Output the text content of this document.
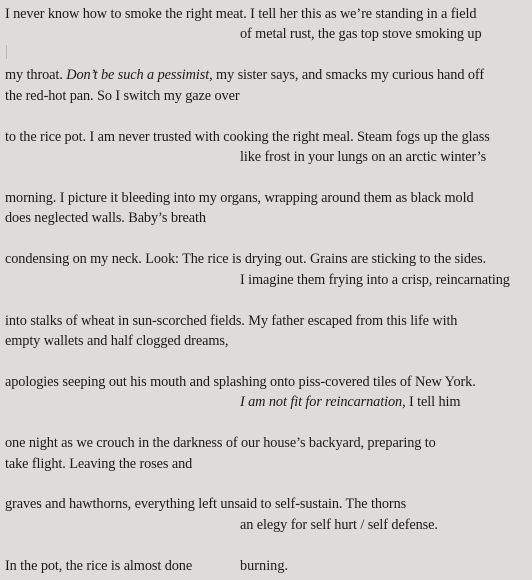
I never know how to smoke the right meat. I tell her this as we’re standing in a field
of metal rust, the gas top stove smoking up
my throat. Don’t be such a pessimist, my sister says, and smacks my curious hand off
the red-hot pan. So I switch my gaze over
to the rice pot. I am never trusted with cooking the right meal. Steam fogs up the glass
like frost in your lungs on an arctic winter’s
morning. I picture it bleeding into my organs, wrapping around them as black mold
does neglected walls. Baby’s breath
condensing on my neck. Look: The rice is drying out. Grains are sticking to the sides.
I imagine them frying into a crisp, reincarnating
into stalks of wheat in sun-scorched fields. My father escaped from this life with
empty wallets and half clogged dreams,
apologies seeping out his mouth and splashing onto piss-covered tiles of New York.
I am not fit for reincarnation, I tell him
one night as we crouch in the darkness of our house’s backyard, preparing to
take flight. Leaving the roses and
graves and hawthorns, everything left unsaid to self-sustain. The thorns
an elegy for self hurt / self defense.
In the pot, the rice is almost done	burning.
